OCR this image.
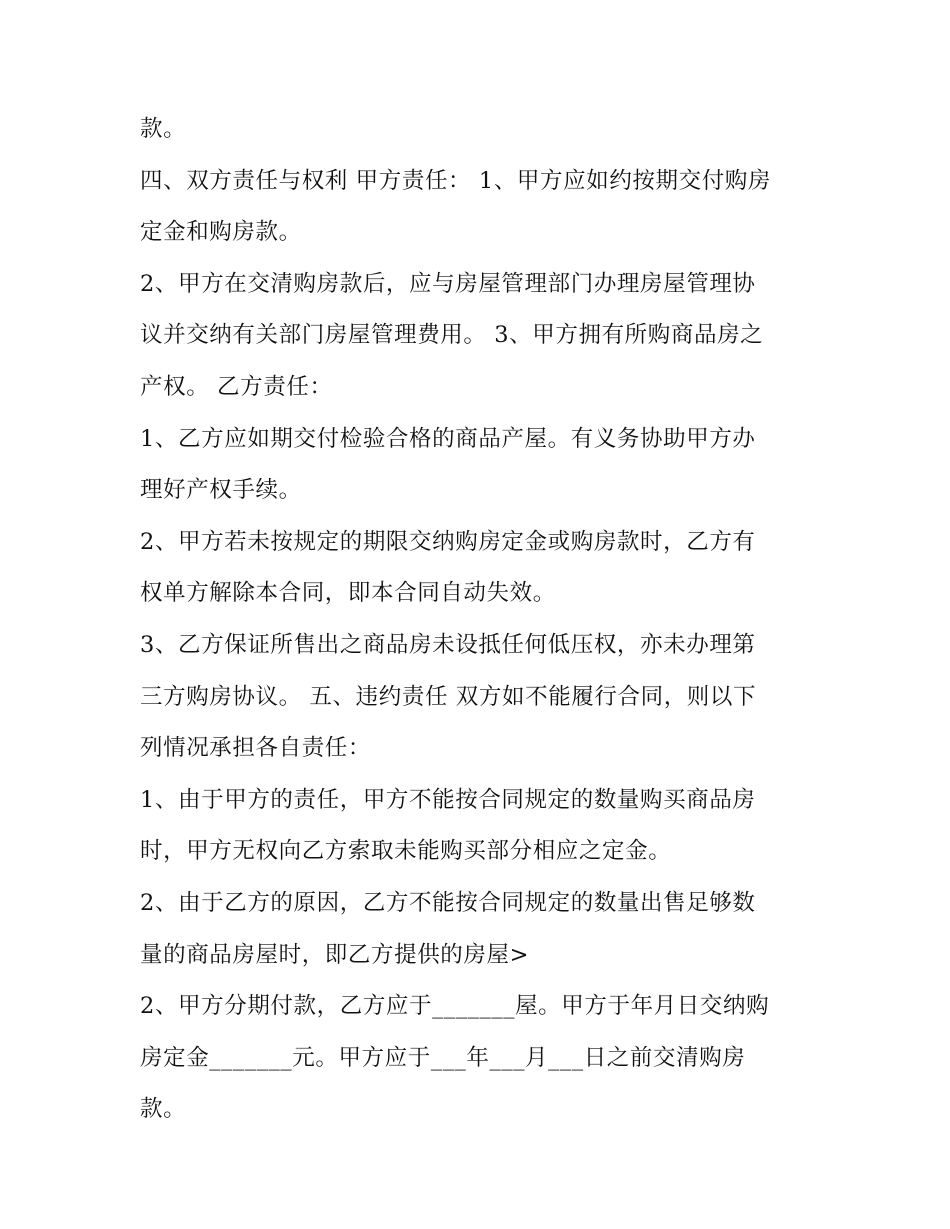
款。
四、双方责任与权利 甲方责任： 1、甲方应如约按期交付购房
定金和购房款。
2、甲方在交清购房款后，应与房屋管理部门办理房屋管理协
议并交纳有关部门房屋管理费用。 3、甲方拥有所购商品房之
产权。 乙方责任：
1、乙方应如期交付检验合格的商品产屋。有义务协助甲方办
理好产权手续。
2、甲方若未按规定的期限交纳购房定金或购房款时，乙方有
权单方解除本合同，即本合同自动失效。
3、乙方保证所售出之商品房未设抵任何低压权，亦未办理第
三方购房协议。 五、违约责任 双方如不能履行合同，则以下
列情况承担各自责任：
1、由于甲方的责任，甲方不能按合同规定的数量购买商品房
时，甲方无权向乙方索取未能购买部分相应之定金。
2、由于乙方的原因，乙方不能按合同规定的数量出售足够数
量的商品房屋时，即乙方提供的房屋>
2、甲方分期付款，乙方应于_______屋。甲方于年月日交纳购
房定金_______元。甲方应于___年___月___日之前交清购房
款。
